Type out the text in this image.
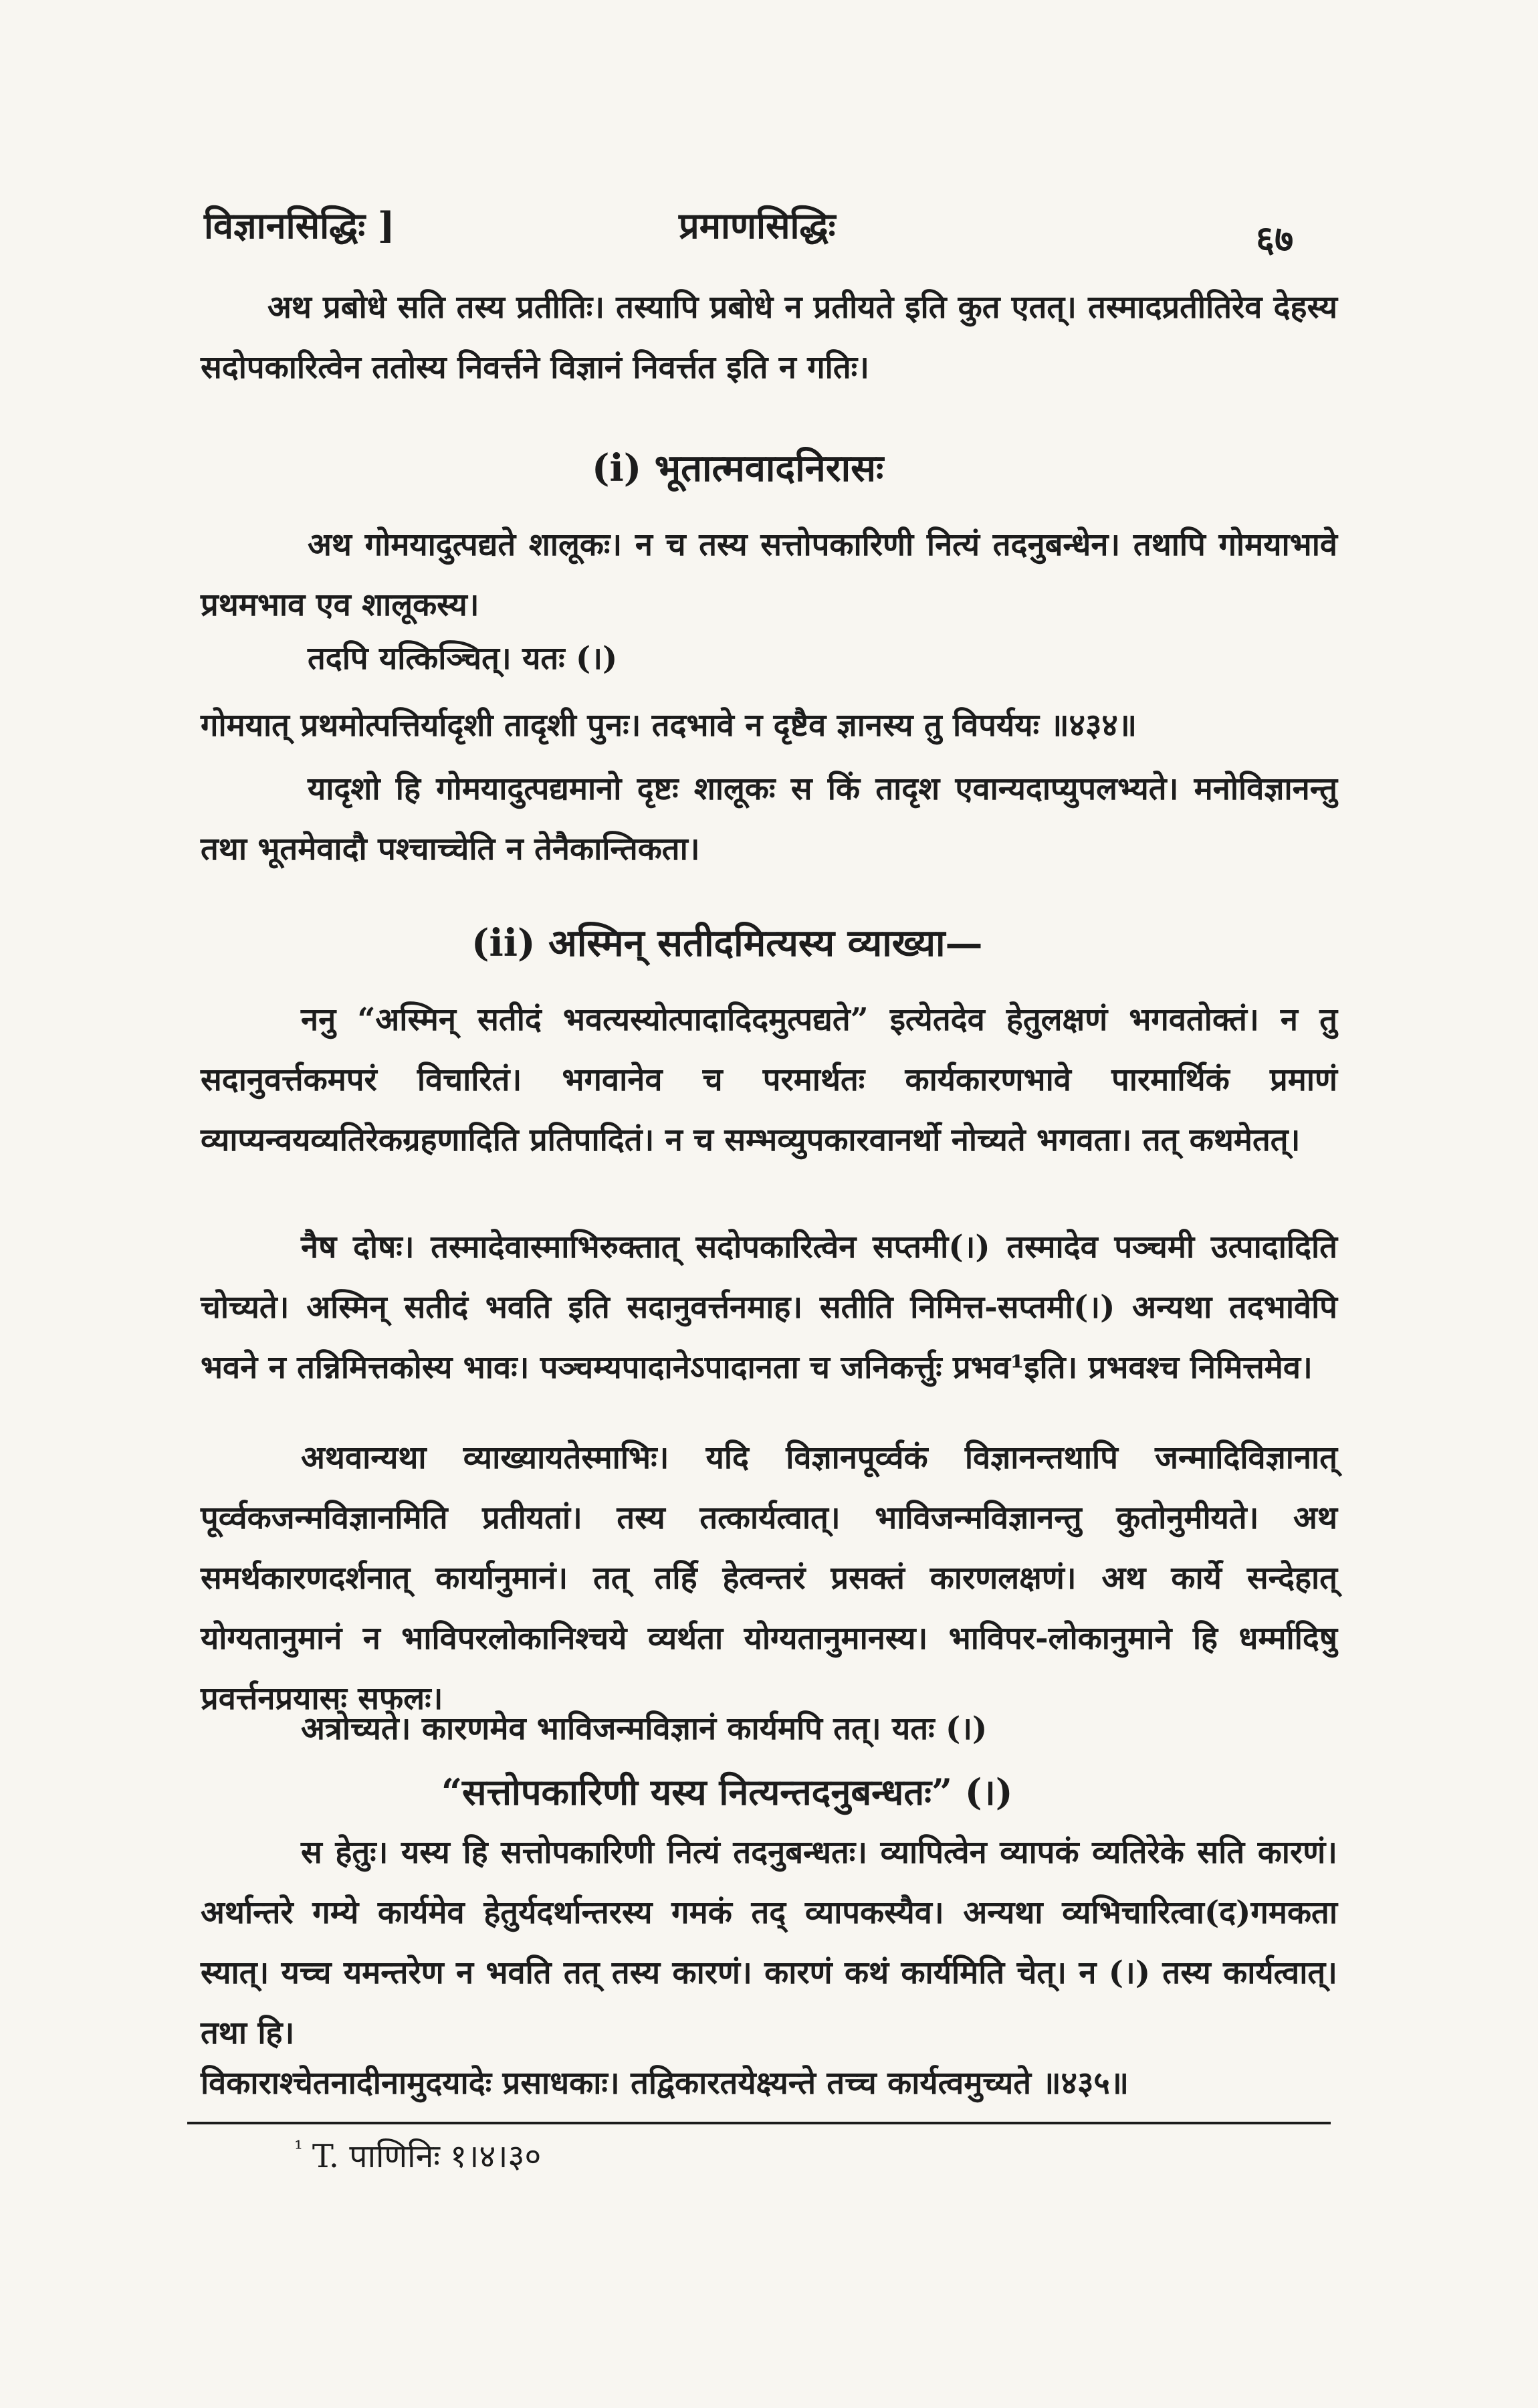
विज्ञानसिद्धिः ]	प्रमाणसिद्धिः	६७
अथ प्रबोधे सति तस्य प्रतीतिः। तस्यापि प्रबोधे न प्रतीयते इति कुत एतत्। तस्मादप्रतीतिरेव देहस्य सदोपकारित्वेन ततोस्य निवर्त्तने विज्ञानं निवर्त्तत इति न गतिः।
(i) भूतात्मवादनिरासः
अथ गोमयादुत्पद्यते शालूकः। न च तस्य सत्तोपकारिणी नित्यं तदनुबन्धेन। तथापि गोमयाभावे प्रथमभाव एव शालूकस्य।
तदपि यत्किञ्चित्। यतः (।)
गोमयात् प्रथमोत्पत्तिर्यादृशी तादृशी पुनः। तदभावे न दृष्टैव ज्ञानस्य तु विपर्ययः ॥४३४॥
यादृशो हि गोमयादुत्पद्यमानो दृष्टः शालूकः स किं तादृश एवान्यदाप्युपलभ्यते। मनोविज्ञानन्तु तथा भूतमेवादौ पश्चाच्चेति न तेनैकान्तिकता।
(ii) अस्मिन् सतीदमित्यस्य व्याख्या—
ननु “अस्मिन् सतीदं भवत्यस्योत्पादादिदमुत्पद्यते” इत्येतदेव हेतुलक्षणं भगवतोक्तं। न तु सदानुवर्त्तकमपरं विचारितं। भगवानेव च परमार्थतः कार्यकारणभावे पारमार्थिकं प्रमाणं व्याप्यन्वयव्यतिरेकग्रहणादिति प्रतिपादितं। न च सम्भव्युपकारवानर्थो नोच्यते भगवता। तत् कथमेतत्।
नैष दोषः। तस्मादेवास्माभिरुक्तात् सदोपकारित्वेन सप्तमी(।) तस्मादेव पञ्चमी उत्पादादिति चोच्यते। अस्मिन् सतीदं भवति इति सदानुवर्त्तनमाह। सतीति निमित्त-सप्तमी(।) अन्यथा तदभावेपि भवने न तन्निमित्तकोस्य भावः। पञ्चम्यपादानेऽपादानता च जनिकर्त्तुः प्रभव¹इति। प्रभवश्च निमित्तमेव।
अथवान्यथा व्याख्यायतेस्माभिः। यदि विज्ञानपूर्व्वकं विज्ञानन्तथापि जन्मादिविज्ञानात् पूर्व्वकजन्मविज्ञानमिति प्रतीयतां। तस्य तत्कार्यत्वात्। भाविजन्मविज्ञानन्तु कुतोनुमीयते। अथ समर्थकारणदर्शनात् कार्यानुमानं। तत् तर्हि हेत्वन्तरं प्रसक्तं कारणलक्षणं। अथ कार्ये सन्देहात् योग्यतानुमानं न भाविपरलोकानिश्चये व्यर्थता योग्यतानुमानस्य। भाविपर-लोकानुमाने हि धर्म्मादिषु प्रवर्त्तनप्रयासः सफलः।
अत्रोच्यते। कारणमेव भाविजन्मविज्ञानं कार्यमपि तत्। यतः (।)
“सत्तोपकारिणी यस्य नित्यन्तदनुबन्धतः” (।)
स हेतुः। यस्य हि सत्तोपकारिणी नित्यं तदनुबन्धतः। व्यापित्वेन व्यापकं व्यतिरेके सति कारणं। अर्थान्तरे गम्ये कार्यमेव हेतुर्यदर्थान्तरस्य गमकं तद् व्यापकस्यैव। अन्यथा व्यभिचारित्वा(द)गमकता स्यात्। यच्च यमन्तरेण न भवति तत् तस्य कारणं। कारणं कथं कार्यमिति चेत्। न (।) तस्य कार्यत्वात्। तथा हि।
विकाराश्चेतनादीनामुदयादेः प्रसाधकाः। तद्विकारतयेक्ष्यन्ते तच्च कार्यत्वमुच्यते ॥४३५॥
$^{^1}$ T. पाणिनिः १।४।३०
